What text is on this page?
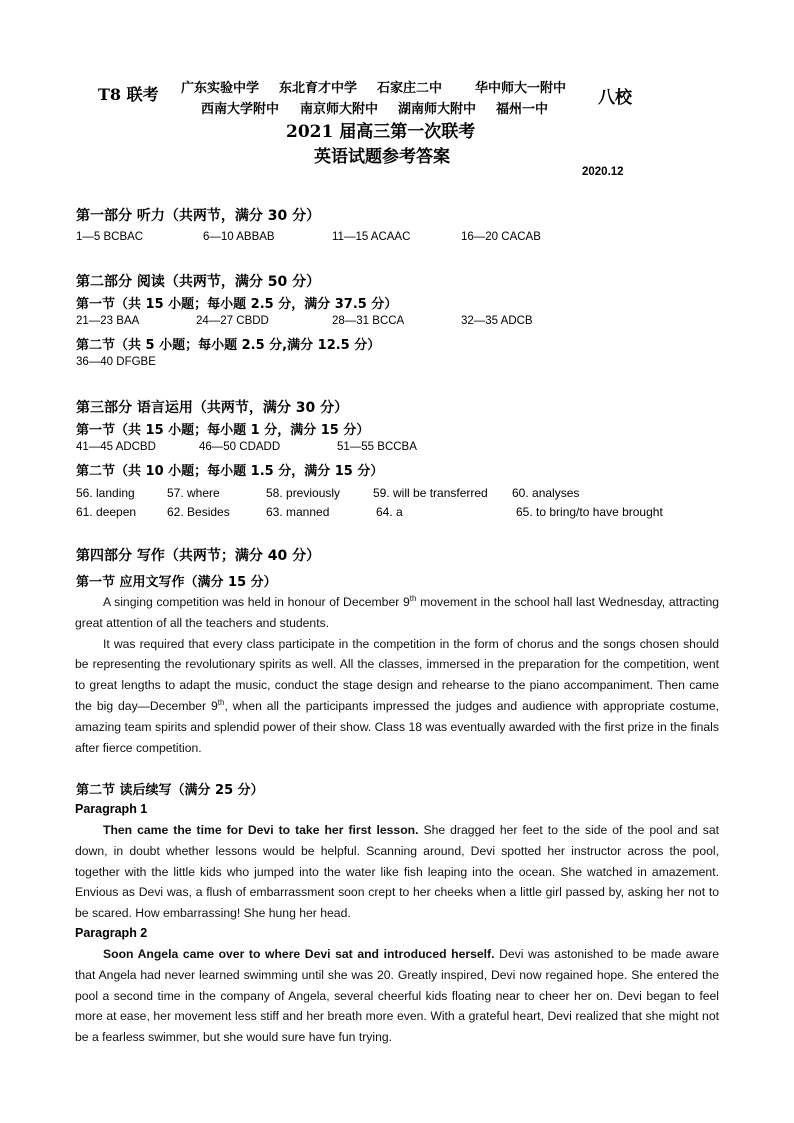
T8 联考 广东实验中学 东北育才中学 石家庄二中	华中师大一附中
西南大学附中 南京师大附中 湖南师大附中 福州一中
八校
2021 届高三第一次联考
英语试题参考答案
2020.12
第一部分 听力（共两节，满分 30 分）
1—5 BCBAC	6—10 ABBAB	11—15 ACAAC	16—20 CACAB
第二部分 阅读（共两节，满分 50 分）
第一节（共 15 小题；每小题 2.5 分，满分 37.5 分）
21—23 BAA	24—27 CBDD	28—31 BCCA	32—35 ADCB
第二节（共 5 小题；每小题 2.5 分,满分 12.5 分）
36—40 DFGBE
第三部分 语言运用（共两节，满分 30 分）
第一节（共 15 小题；每小题 1 分，满分 15 分）
41—45 ADCBD	46—50 CDADD	51—55 BCCBA
第二节（共 10 小题；每小题 1.5 分，满分 15 分）
56. landing	57. where	58. previously	59. will be transferred 60. analyses
61. deepen	62. Besides	63. manned	64. a	65. to bring/to have brought
第四部分 写作（共两节；满分 40 分）
第一节 应用文写作（满分 15 分）

A singing competition was held in honour of December 9th movement in the school hall last Wednesday, attracting great attention of all the teachers and students.

It was required that every class participate in the competition in the form of chorus and the songs chosen should be representing the revolutionary spirits as well. All the classes, immersed in the preparation for the competition, went to great lengths to adapt the music, conduct the stage design and rehearse to the piano accompaniment. Then came the big day—December 9th, when all the participants impressed the judges and audience with appropriate costume, amazing team spirits and splendid power of their show. Class 18 was eventually awarded with the first prize in the finals after fierce competition.

第二节 读后续写（满分 25 分）
Paragraph 1

Then came the time for Devi to take her first lesson. She dragged her feet to the side of the pool and sat down, in doubt whether lessons would be helpful. Scanning around, Devi spotted her instructor across the pool, together with the little kids who jumped into the water like fish leaping into the ocean. She watched in amazement. Envious as Devi was, a flush of embarrassment soon crept to her cheeks when a little girl passed by, asking her not to be scared. How embarrassing! She hung her head.

Paragraph 2

Soon Angela came over to where Devi sat and introduced herself. Devi was astonished to be made aware that Angela had never learned swimming until she was 20. Greatly inspired, Devi now regained hope. She entered the pool a second time in the company of Angela, several cheerful kids floating near to cheer her on. Devi began to feel more at ease, her movement less stiff and her breath more even. With a grateful heart, Devi realized that she might not be a fearless swimmer, but she would sure have fun trying.
